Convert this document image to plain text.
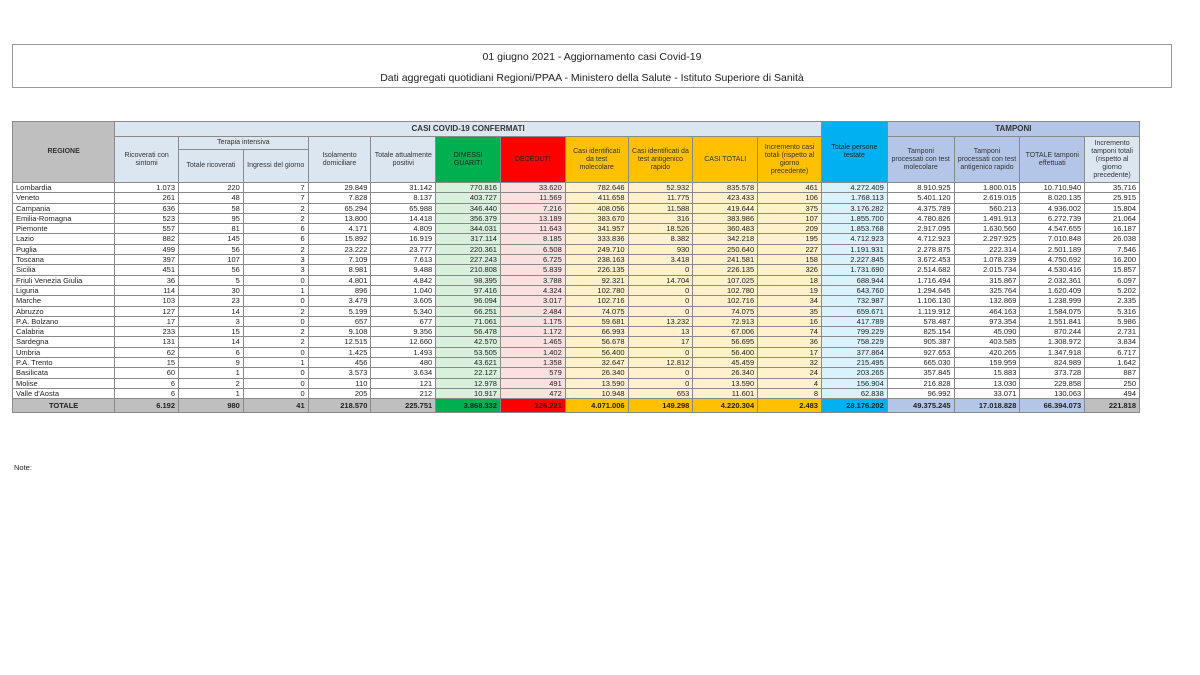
01 giugno 2021 - Aggiornamento casi Covid-19
Dati aggregati quotidiani Regioni/PPAA - Ministero della Salute - Istituto Superiore di Sanità
REGIONE	CASI COVID-19 CONFERMATI											Totale persone testate	TAMPONI			
	Ricoverati con sintomi	Terapia intensiva		Isolamento domiciliare	Totale attualmente positivi	DIMESSI GUARITI	DECEDUTI	Casi identificati da test molecolare	Casi identificati da test antigenico rapido	CASI TOTALI	Incremento casi totali (rispetto al giorno precedente)		Tamponi processati con test molecolare	Tamponi processati con test antigenico rapido	TOTALE tamponi effettuati	Incremento tamponi totali (rispetto al giorno precedente)
		Totale ricoverati	Ingressi del giorno													
Lombardia	1.073	220	7	29.849	31.142	770.816	33.620	782.646	52.932	835.578	461	4.272.409	8.910.925	1.800.015	10.710.940	35.716
Veneto	261	48	7	7.828	8.137	403.727	11.569	411.658	11.775	423.433	106	1.768.113	5.401.120	2.619.015	8.020.135	25.915
Campania	636	58	2	65.294	65.988	346.440	7.216	408.056	11.588	419.644	375	3.176.282	4.375.789	560.213	4.936.002	15.804
Emilia-Romagna	523	95	2	13.800	14.418	356.379	13.189	383.670	316	383.986	107	1.855.700	4.780.826	1.491.913	6.272.739	21.064
Piemonte	557	81	6	4.171	4.809	344.031	11.643	341.957	18.526	360.483	209	1.853.768	2.917.095	1.630.560	4.547.655	16.187
Lazio	882	145	6	15.892	16.919	317.114	8.185	333.836	8.382	342.218	195	4.712.923	4.712.923	2.297.925	7.010.848	26.038
Puglia	499	56	2	23.222	23.777	220.361	6.508	249.710	930	250.640	227	1.191.931	2.278.875	222.314	2.501.189	7.546
Toscana	397	107	3	7.109	7.613	227.243	6.725	238.163	3.418	241.581	158	2.227.845	3.672.453	1.078.239	4.750.692	16.200
Sicilia	451	56	3	8.981	9.488	210.808	5.839	226.135	0	226.135	326	1.731.690	2.514.682	2.015.734	4.530.416	15.857
Friuli Venezia Giulia	36	5	0	4.801	4.842	98.395	3.788	92.321	14.704	107.025	18	688.944	1.716.494	315.867	2.032.361	6.097
Liguria	114	30	1	896	1.040	97.416	4.324	102.780	0	102.780	19	643.760	1.294.645	325.764	1.620.409	5.202
Marche	103	23	0	3.479	3.605	96.094	3.017	102.716	0	102.716	34	732.987	1.106.130	132.869	1.238.999	2.335
Abruzzo	127	14	2	5.199	5.340	66.251	2.484	74.075	0	74.075	35	659.671	1.119.912	464.163	1.584.075	5.316
P.A. Bolzano	17	3	0	657	677	71.061	1.175	59.681	13.232	72.913	16	417.789	578.487	973.354	1.551.841	5.986
Calabria	233	15	2	9.108	9.356	56.478	1.172	66.993	13	67.006	74	799.229	825.154	45.090	870.244	2.731
Sardegna	131	14	2	12.515	12.660	42.570	1.465	56.678	17	56.695	36	758.229	905.387	403.585	1.308.972	3.834
Umbria	62	6	0	1.425	1.493	53.505	1.402	56.400	0	56.400	17	377.864	927.653	420.265	1.347.918	6.717
P.A. Trento	15	9	1	456	480	43.621	1.358	32.647	12.812	45.459	32	215.495	665.030	159.959	824.989	1.642
Basilicata	60	1	0	3.573	3.634	22.127	579	26.340	0	26.340	24	203.265	357.845	15.883	373.728	887
Molise	6	2	0	110	121	12.978	491	13.590	0	13.590	4	156.904	216.828	13.030	229.858	250
Valle d'Aosta	6	1	0	205	212	10.917	472	10.948	653	11.601	8	62.838	96.992	33.071	130.063	494
TOTALE	6.192	980	41	218.570	225.751	3.868.332	126.221	4.071.006	149.298	4.220.304	2.483	28.176.202	49.375.245	17.018.828	66.394.073	221.818
Note:
